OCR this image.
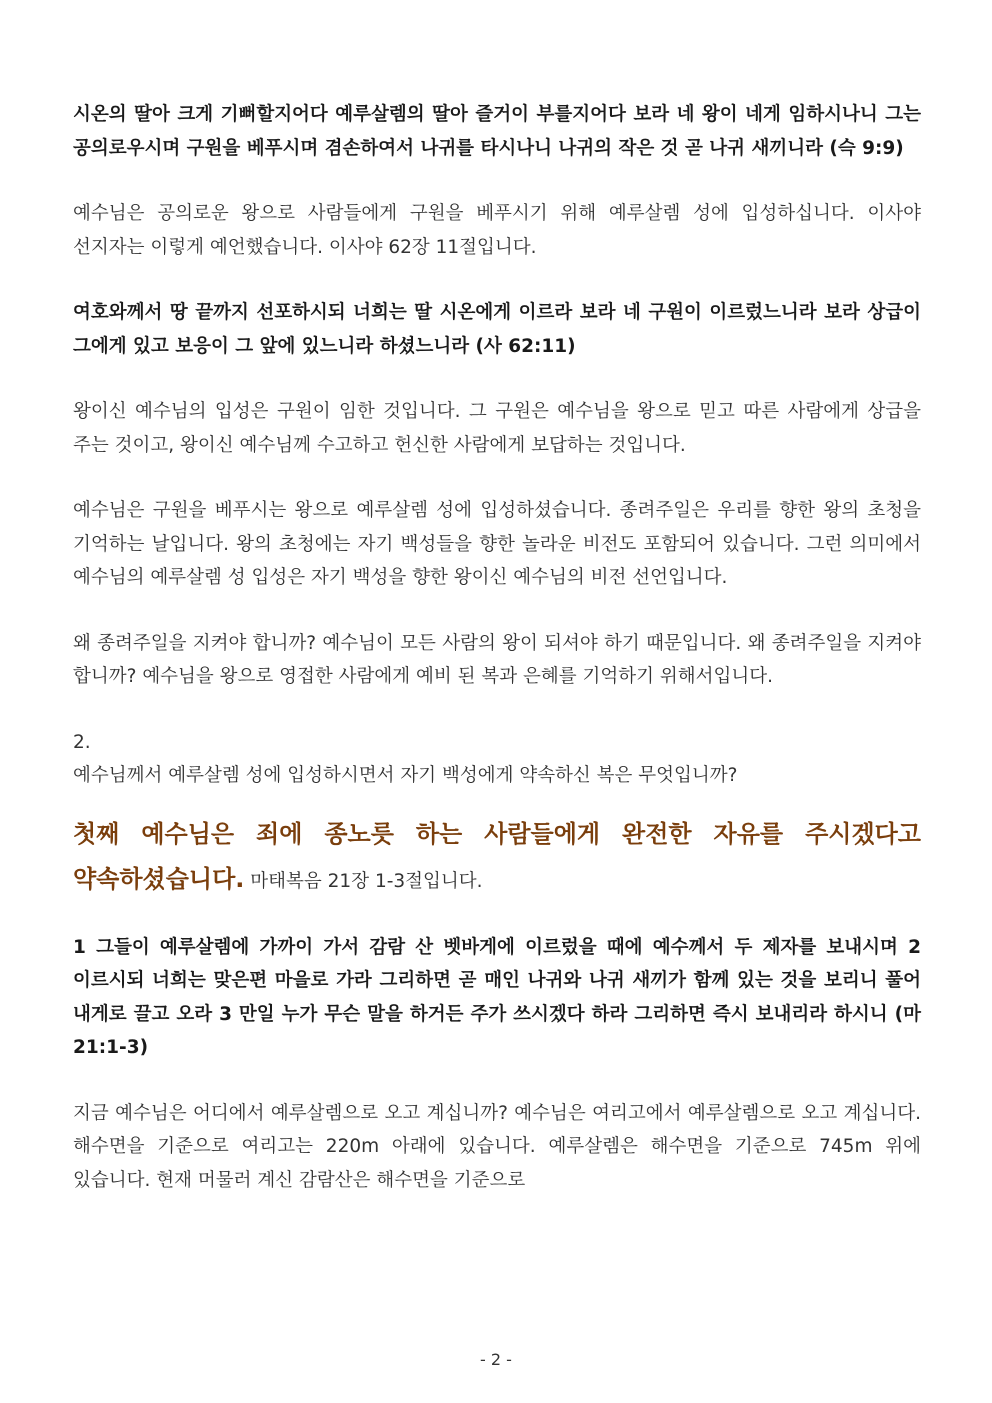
시온의 딸아 크게 기뻐할지어다 예루살렘의 딸아 즐거이 부를지어다 보라 네 왕이 네게 임하시나니 그는 공의로우시며 구원을 베푸시며 겸손하여서 나귀를 타시나니 나귀의 작은 것 곧 나귀 새끼니라 (슥 9:9)

예수님은 공의로운 왕으로 사람들에게 구원을 베푸시기 위해 예루살렘 성에 입성하십니다. 이사야 선지자는 이렇게 예언했습니다. 이사야 62장 11절입니다.

여호와께서 땅 끝까지 선포하시되 너희는 딸 시온에게 이르라 보라 네 구원이 이르렀느니라 보라 상급이 그에게 있고 보응이 그 앞에 있느니라 하셨느니라 (사 62:11)

왕이신 예수님의 입성은 구원이 임한 것입니다. 그 구원은 예수님을 왕으로 믿고 따른 사람에게 상급을 주는 것이고, 왕이신 예수님께 수고하고 헌신한 사람에게 보답하는 것입니다.

예수님은 구원을 베푸시는 왕으로 예루살렘 성에 입성하셨습니다. 종려주일은 우리를 향한 왕의 초청을 기억하는 날입니다. 왕의 초청에는 자기 백성들을 향한 놀라운 비전도 포함되어 있습니다. 그런 의미에서 예수님의 예루살렘 성 입성은 자기 백성을 향한 왕이신 예수님의 비전 선언입니다.

왜 종려주일을 지켜야 합니까? 예수님이 모든 사람의 왕이 되셔야 하기 때문입니다. 왜 종려주일을 지켜야 합니까? 예수님을 왕으로 영접한 사람에게 예비 된 복과 은혜를 기억하기 위해서입니다.

2.

예수님께서 예루살렘 성에 입성하시면서 자기 백성에게 약속하신 복은 무엇입니까?

첫째 예수님은 죄에 종노릇 하는 사람들에게 완전한 자유를 주시겠다고 약속하셨습니다. 마태복음 21장 1-3절입니다.

1 그들이 예루살렘에 가까이 가서 감람 산 벳바게에 이르렀을 때에 예수께서 두 제자를 보내시며 2 이르시되 너희는 맞은편 마을로 가라 그리하면 곧 매인 나귀와 나귀 새끼가 함께 있는 것을 보리니 풀어 내게로 끌고 오라 3 만일 누가 무슨 말을 하거든 주가 쓰시겠다 하라 그리하면 즉시 보내리라 하시니 (마 21:1-3)

지금 예수님은 어디에서 예루살렘으로 오고 계십니까? 예수님은 여리고에서 예루살렘으로 오고 계십니다. 해수면을 기준으로 여리고는 220m 아래에 있습니다. 예루살렘은 해수면을 기준으로 745m 위에 있습니다. 현재 머물러 계신 감람산은 해수면을 기준으로

- 2 -
